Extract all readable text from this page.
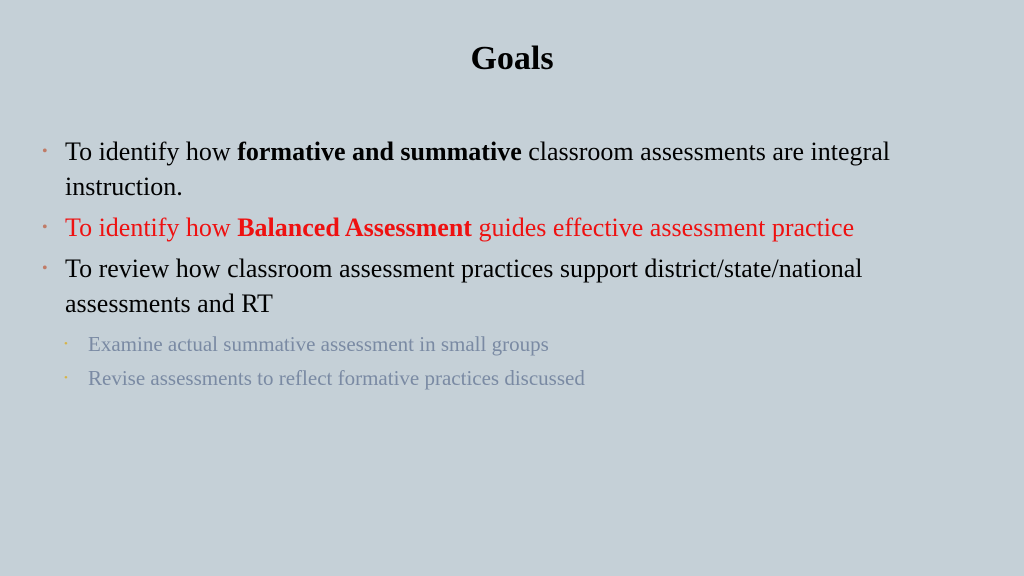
Goals
• To identify how formative and summative classroom assessments are integral instruction.
• To identify how Balanced Assessment guides effective assessment practice
• To review how classroom assessment practices support district/state/national assessments and RT
• Examine actual summative assessment in small groups
• Revise assessments to reflect formative practices discussed
